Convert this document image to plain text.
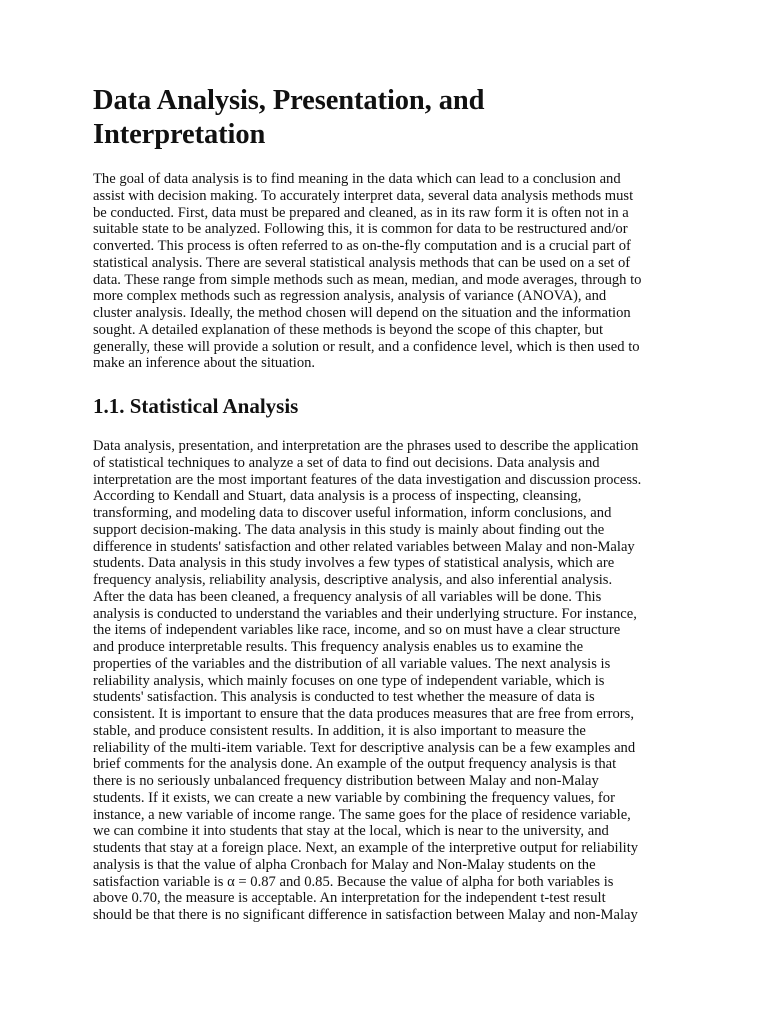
Data Analysis, Presentation, and
Interpretation

The goal of data analysis is to find meaning in the data which can lead to a conclusion and
assist with decision making. To accurately interpret data, several data analysis methods must
be conducted. First, data must be prepared and cleaned, as in its raw form it is often not in a
suitable state to be analyzed. Following this, it is common for data to be restructured and/or
converted. This process is often referred to as on-the-fly computation and is a crucial part of
statistical analysis. There are several statistical analysis methods that can be used on a set of
data. These range from simple methods such as mean, median, and mode averages, through to
more complex methods such as regression analysis, analysis of variance (ANOVA), and
cluster analysis. Ideally, the method chosen will depend on the situation and the information
sought. A detailed explanation of these methods is beyond the scope of this chapter, but
generally, these will provide a solution or result, and a confidence level, which is then used to
make an inference about the situation.

1.1. Statistical Analysis

Data analysis, presentation, and interpretation are the phrases used to describe the application
of statistical techniques to analyze a set of data to find out decisions. Data analysis and
interpretation are the most important features of the data investigation and discussion process.
According to Kendall and Stuart, data analysis is a process of inspecting, cleansing,
transforming, and modeling data to discover useful information, inform conclusions, and
support decision-making. The data analysis in this study is mainly about finding out the
difference in students' satisfaction and other related variables between Malay and non-Malay
students. Data analysis in this study involves a few types of statistical analysis, which are
frequency analysis, reliability analysis, descriptive analysis, and also inferential analysis.
After the data has been cleaned, a frequency analysis of all variables will be done. This
analysis is conducted to understand the variables and their underlying structure. For instance,
the items of independent variables like race, income, and so on must have a clear structure
and produce interpretable results. This frequency analysis enables us to examine the
properties of the variables and the distribution of all variable values. The next analysis is
reliability analysis, which mainly focuses on one type of independent variable, which is
students' satisfaction. This analysis is conducted to test whether the measure of data is
consistent. It is important to ensure that the data produces measures that are free from errors,
stable, and produce consistent results. In addition, it is also important to measure the
reliability of the multi-item variable. Text for descriptive analysis can be a few examples and
brief comments for the analysis done. An example of the output frequency analysis is that
there is no seriously unbalanced frequency distribution between Malay and non-Malay
students. If it exists, we can create a new variable by combining the frequency values, for
instance, a new variable of income range. The same goes for the place of residence variable,
we can combine it into students that stay at the local, which is near to the university, and
students that stay at a foreign place. Next, an example of the interpretive output for reliability
analysis is that the value of alpha Cronbach for Malay and Non-Malay students on the
satisfaction variable is α = 0.87 and 0.85. Because the value of alpha for both variables is
above 0.70, the measure is acceptable. An interpretation for the independent t-test result
should be that there is no significant difference in satisfaction between Malay and non-Malay
